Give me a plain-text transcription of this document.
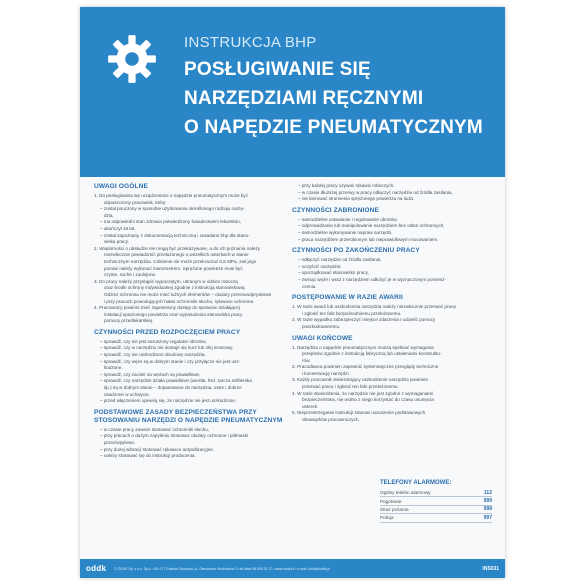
INSTRUKCJA BHP
POSŁUGIWANIE SIĘ
NARZĘDZIAMI RĘCZNYMI
O NAPĘDZIE PNEUMATYCZNYM
UWAGI OGÓLNE
1. Do posługiwania się urządzeniami o napędzie pneumatycznym może być
dopuszczony pracownik, który:
– został pouczony w sposobie użytkowania określonego rodzaju narzę-
dzia,
– ma odpowiedni stan zdrowia potwierdzony świadectwem lekarskim,
– ukończył 18 lat,
– został zapoznany z dokumentacją techniczną i zasadami bhp dla stano-
wiska pracy.
2. Wiadomości o obsłudze nie mogą być przekazywane, a do ich poznania należy
niezwłocznie powiadomić przełożonego o wszelkich usterkach w stanie
technicznym narzędzia. Ciśnienie nie może przekraczać 0,6 MPa, zaś jego
pomiar należy wykonać manometrem. Sprężone powietrze musi być
czyste, suche i zaolejone.
3. Do pracy należy przystąpić wypoczętym, ubranym w odzież roboczą
oraz środki ochrony indywidualnej zgodnie z instrukcją stanowiskową.
Odzież ochronna nie może mieć luźnych elementów – okulary przeciwodpryskowe
i przy pracach powodujących hałas ochronniki słuchu, rękawice ochronne.
4. Pracownicy powinni mieć zapewniony dostęp do sprawnie działającej
instalacji sprężonego powietrza oraz wyposażenia stanowiska pracy
pomocy przedlekarskiej.
CZYNNOŚCI PRZED ROZPOCZĘCIEM PRACY
– sprawdź, czy nie jest naruszony regulator obrotów,
– sprawdź, czy w narzędziu nie dostaje się kurz lub olej smarowy,
– sprawdź, czy nie uszkodzono obudowy narzędzia,
– sprawdź, czy węże są w dobrym stanie i czy przyłącze nie jest usz-
kodzone,
– sprawdź, czy zaciski na wężach są prawidłowe,
– sprawdź, czy narzędzie działa prawidłowo (wiertła, frez, tarcza szlifierska
itp.) są w dobrym stanie – dopasowane do narzędzia, ostre i dobrze
osadzone w uchwycie,
– przed włączeniem upewnij się, że narzędzie nie jest uszkodzone.
PODSTAWOWE ZASADY BEZPIECZEŃSTWA PRZY STOSOWANIU NARZĘDZI O NAPĘDZIE PNEUMATYCZNYM
– w czasie pracy zawsze stosować ochronniki słuchu,
– przy pracach o dużym zapyleniu stosować okulary ochronne i półmaski
przeciwpyłowe,
– przy dużej wibracji stosować rękawice antywibracyjne,
– należy stosować się do instrukcji producenta.
– przy każdej pracy używać rękawic roboczych,
– w czasie dłuższej przerwy w pracy odłączyć narzędzie od źródła zasilania,
– nie kierować strumienia sprężonego powietrza na ludzi.
CZYNNOŚCI ZABRONIONE
– samodzielne ustawianie i regulowanie obrotów,
– odprowadzanie lub manipulowanie narzędziem bez osłon ochronnych,
– samodzielne wykonywanie napraw narzędzi,
– praca narzędziem przerobionym lub nieprawidłowym mocowaniem.
CZYNNOŚCI PO ZAKOŃCZENIU PRACY
– odłączyć narzędzie od źródła zasilania,
– oczyścić narzędzie,
– uporządkować stanowisko pracy,
– zwinąć węże i wraz z narzędziem odłożyć je w wyznaczonym pomiesz-
czeniu.
POSTĘPOWANIE W RAZIE AWARII
1. W razie awarii lub uszkodzenia narzędzia należy niezwłocznie przerwać pracę
i zgłosić ten fakt bezpośredniemu przełożonemu.
2. W razie wypadku zabezpieczyć miejsce zdarzenia i udzielić pomocy
poszkodowanemu.
UWAGI KOŃCOWE
1. Narzędzia o napędzie pneumatycznym muszą spełniać wymagania
przepisów zgodnie z instrukcją fabryczną lub ustaleniami konstrukto-
rów.
2. Pracodawca powinien zapewnić systematyczne przeglądy techniczne
i konserwację narzędzi.
3. Każdy pracownik stwierdzający uszkodzenie narzędzia powinien
przerwać pracę i zgłosić ten fakt przełożonemu.
4. W razie stwierdzenia, że narzędzie nie jest zgodne z wymaganiami
bezpieczeństwa, nie wolno z niego korzystać do czasu usunięcia
usterek.
5. Nieprzestrzeganie instrukcji stanowi naruszenie podstawowych
obowiązków pracowniczych.
TELEFONY ALARMOWE:
Ogólny telefon alarmowy	112
Pogotowie	999
Straż pożarna	998
Policja	997
oddk © ODDK Sp. z o.o. Sp.k. • 80-177 Gdańsk Olszynka, ul. Obwodnica Wschodnia 3 • tel./faks 58 554 20 17 • www.oddk.pl • e-mail: oddk@oddk.pl	INS031
